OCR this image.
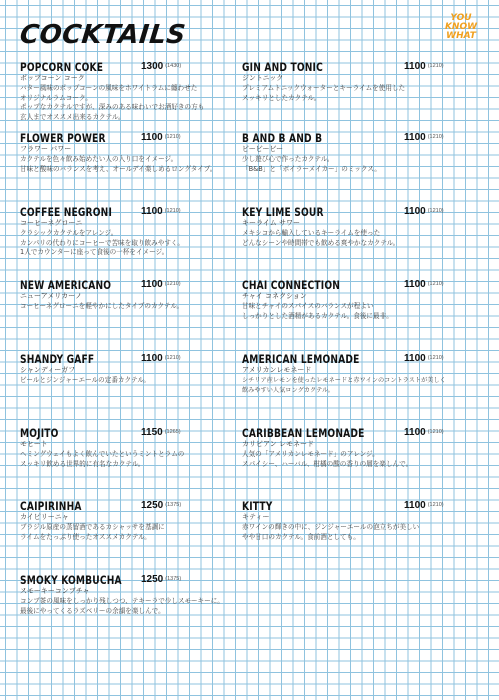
COCKTAILS
YOU
KNOW
WHAT
POPCORN COKE	1300 $^{(1430)}$
ポップコーン コーク
バター風味のポップコーンの風味をホワイトラムに纏わせた
オリジナルラムコーク。
ポップなカクテルですが、深みのある味わいでお酒好きの方も
玄人までオススメ出来るカクテル。
FLOWER POWER	1100 $^{(1210)}$
フラワー パワー
カクテルを色々飲み始めたい人の入り口をイメージ。
甘味と酸味のバランスを考え、オールデイ楽しめるロングタイプ。
COFFEE NEGRONI	1100 $^{(1210)}$
コーヒーネグローニ
クラシックカクテルをアレンジ。
カンパリの代わりにコーヒーで苦味を取り飲みやすく。
1人でカウンターに座って食後の一杯をイメージ。
NEW AMERICANO	1100 $^{(1210)}$
ニューアメリカーノ
コーヒーネグローニを軽やかにしたタイプのカクテル。
SHANDY GAFF	1100 $^{(1210)}$
シャンディーガフ
ビールとジンジャーエールの定番カクテル。
MOJITO	1150 $^{(1265)}$
モヒート
ヘミングウェイもよく飲んでいたというミントとラムの
スッキリ飲める世界的に有名なカクテル。
CAIPIRINHA	1250 $^{(1375)}$
カイピリーニャ
ブラジル原産の蒸留酒であるカシャッサを基調に
ライムをたっぷり使ったオススメカクテル。
SMOKY KOMBUCHA 1250 $^{(1375)}$
スモーキーコンブチャ
コンブ茶の風味をしっかり残しつつ、テキーラで少しスモーキーに。
最後にやってくるラズベリーの余韻を楽しんで。
GIN AND TONIC	1100 $^{(1210)}$
ジントニック
プレミアムトニックウォーターとキーライムを使用した
スッキリとしたカクテル。
B AND B AND B	1100 $^{(1210)}$
ビービービー
少し遊び心で作ったカクテル。
「B&B」と「ボイラーメイカー」のミックス。
KEY LIME SOUR	1100 $^{(1210)}$
キーライム サワー
メキシコから輸入しているキーライムを使った
どんなシーンや時間帯でも飲める爽やかなカクテル。
CHAI CONNECTION	1100 $^{(1210)}$
チャイ コネクション
甘味とチャイのスパイスのバランスが程よい
しっかりとした酒精があるカクテル。食後に最非。
AMERICAN LEMONADE	1100 $^{(1210)}$
アメリカンレモネード
シチリア産レモンを使ったレモネードと赤ワインのコントラストが美しく
飲みやすい人気ロングカクテル。
CARIBBEAN LEMONADE	1100 $^{(1210)}$
カリビアン レモネード
人気の「アメリカンレモネード」のアレンジ。
スパイシー、ハーバル、柑橘の酸の香りの層を楽しんで。
KITTY	1100 $^{(1210)}$
キティー
赤ワインの輝きの中に、ジンジャーエールの泡立ちが美しい
やや甘口のカクテル。食前酒としても。
